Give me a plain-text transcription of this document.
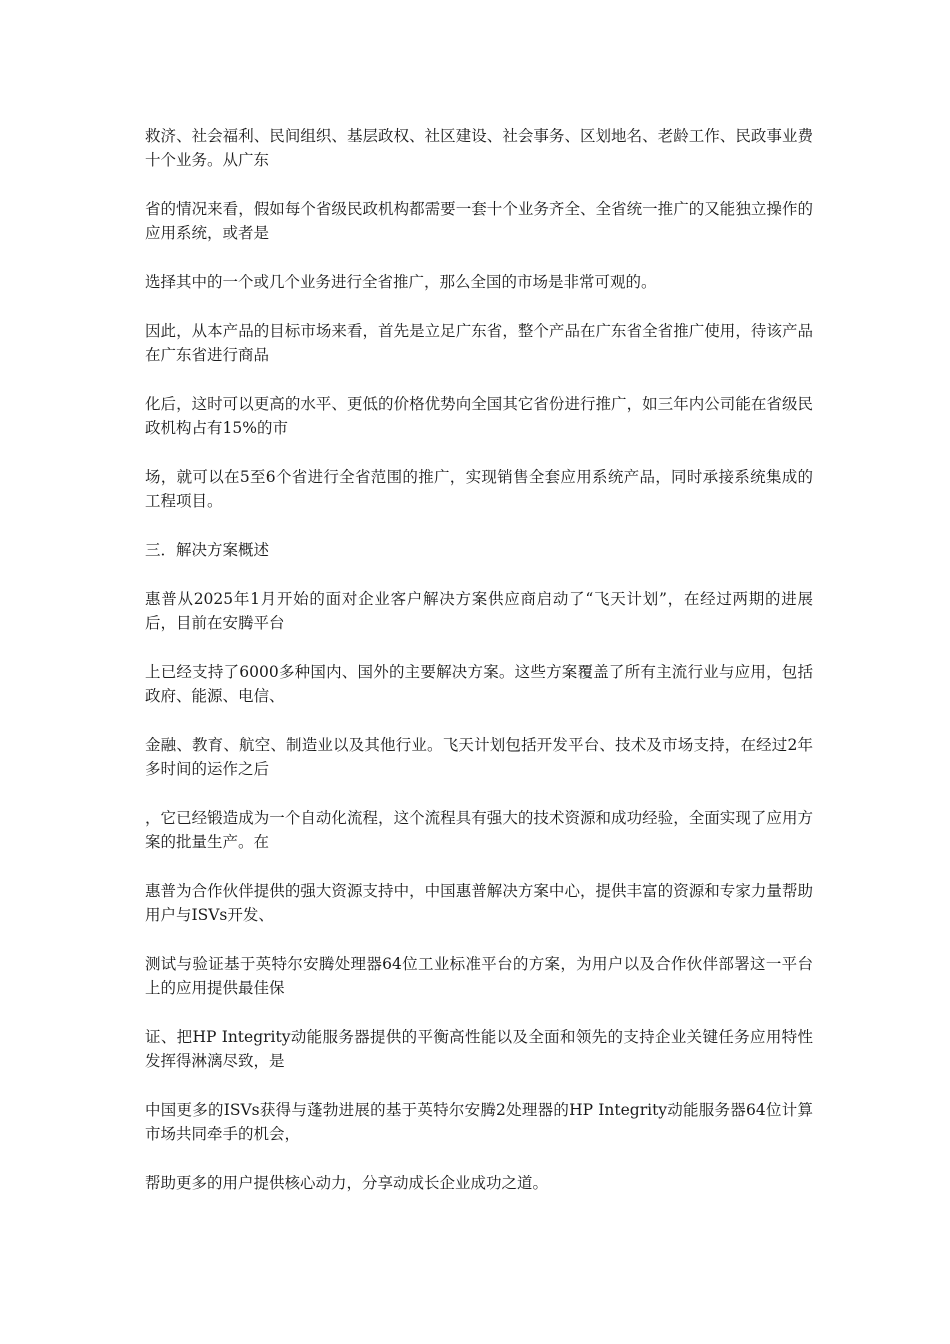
救济、社会福利、民间组织、基层政权、社区建设、社会事务、区划地名、老龄工作、民政事业费十个业务。从广东

省的情况来看，假如每个省级民政机构都需要一套十个业务齐全、全省统一推广的又能独立操作的应用系统，或者是

选择其中的一个或几个业务进行全省推广，那么全国的市场是非常可观的。

因此，从本产品的目标市场来看，首先是立足广东省，整个产品在广东省全省推广使用，待该产品在广东省进行商品

化后，这时可以更高的水平、更低的价格优势向全国其它省份进行推广，如三年内公司能在省级民政机构占有15%的市

场，就可以在5至6个省进行全省范围的推广，实现销售全套应用系统产品，同时承接系统集成的工程项目。

三．解决方案概述

惠普从2025年1月开始的面对企业客户解决方案供应商启动了“飞天计划”，在经过两期的进展后，目前在安腾平台

上已经支持了6000多种国内、国外的主要解决方案。这些方案覆盖了所有主流行业与应用，包括政府、能源、电信、

金融、教育、航空、制造业以及其他行业。飞天计划包括开发平台、技术及市场支持，在经过2年多时间的运作之后

，它已经锻造成为一个自动化流程，这个流程具有强大的技术资源和成功经验，全面实现了应用方案的批量生产。在

惠普为合作伙伴提供的强大资源支持中，中国惠普解决方案中心，提供丰富的资源和专家力量帮助用户与ISVs开发、

测试与验证基于英特尔安腾处理器64位工业标准平台的方案，为用户以及合作伙伴部署这一平台上的应用提供最佳保

证、把HP Integrity动能服务器提供的平衡高性能以及全面和领先的支持企业关键任务应用特性发挥得淋漓尽致，是

中国更多的ISVs获得与蓬勃进展的基于英特尔安腾2处理器的HP Integrity动能服务器64位计算市场共同牵手的机会，

帮助更多的用户提供核心动力，分享动成长企业成功之道。
